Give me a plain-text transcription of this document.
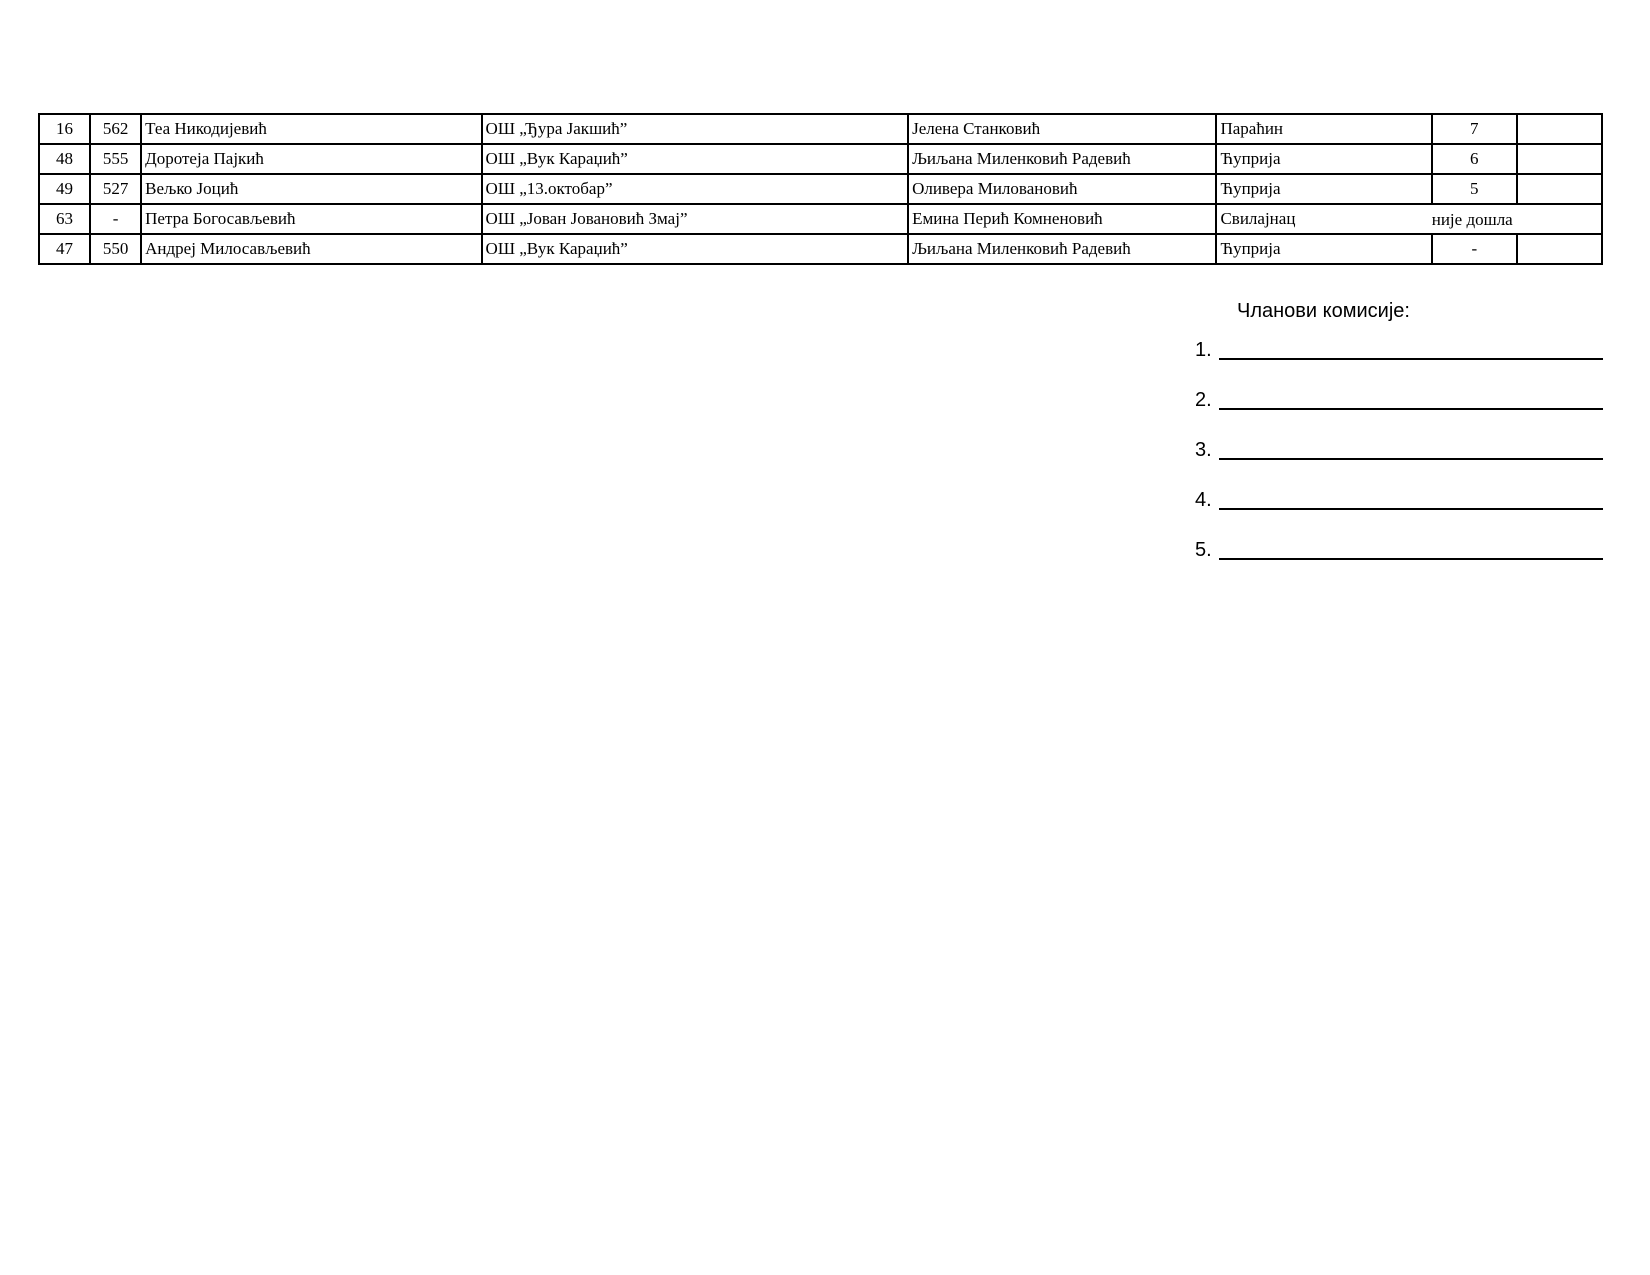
16	562	Теа Никодијевић	ОШ „Ђура Јакшић”	Јелена Станковић	Параћин	7	
48	555	Доротеја Пајкић	ОШ „Вук Караџић”	Љиљана Миленковић Радевић	Ћуприја	6	
49	527	Вељко Јоцић	ОШ „13.октобар”	Оливера Миловановић	Ћуприја	5	
63	-	Петра Богосављевић	ОШ „Јован Јовановић Змај”	Емина Перић Комненовић	Свилајнац	није дошла	

47	550	Андреј Милосављевић	ОШ „Вук Караџић”	Љиљана Миленковић Радевић	Ћуприја	-	
Чланови комисије:
1.
2.
3.
4.
5.
